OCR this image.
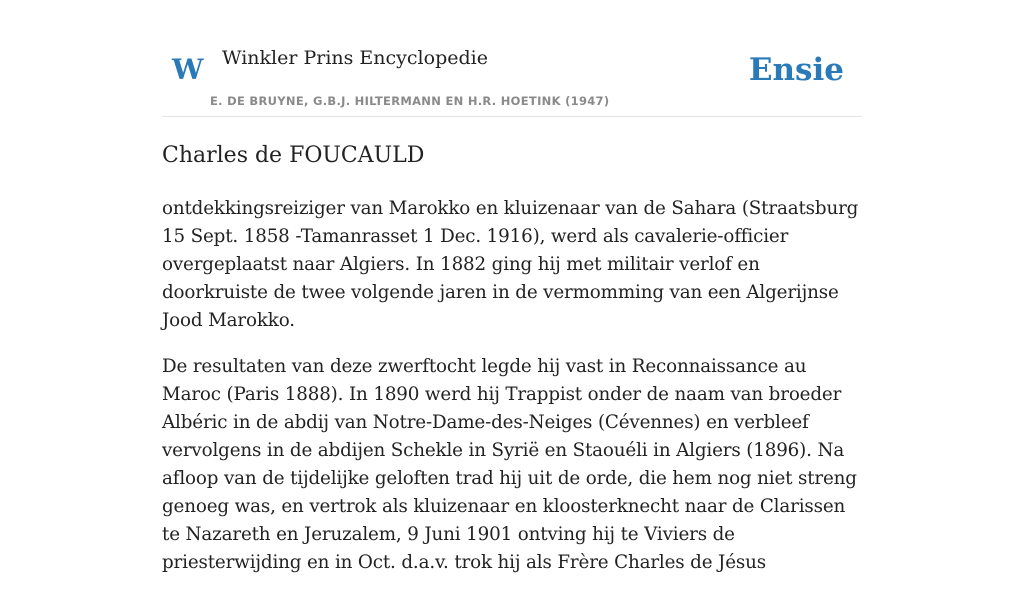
W Winkler Prins Encyclopedie
E. DE BRUYNE, G.B.J. HILTERMANN EN H.R. HOETINK (1947)
Ensie
Charles de FOUCAULD

ontdekkingsreiziger van Marokko en kluizenaar van de Sahara (Straatsburg 15 Sept. 1858 -Tamanrasset 1 Dec. 1916), werd als cavalerie-officier overgeplaatst naar Algiers. In 1882 ging hij met militair verlof en doorkruiste de twee volgende jaren in de vermomming van een Algerijnse Jood Marokko.

De resultaten van deze zwerftocht legde hij vast in Reconnaissance au Maroc (Paris 1888). In 1890 werd hij Trappist onder de naam van broeder Albéric in de abdij van Notre-Dame-des-Neiges (Cévennes) en verbleef vervolgens in de abdijen Schekle in Syrië en Staouéli in Algiers (1896). Na afloop van de tijdelijke geloften trad hij uit de orde, die hem nog niet streng genoeg was, en vertrok als kluizenaar en kloosterknecht naar de Clarissen te Nazareth en Jeruzalem, 9 Juni 1901 ontving hij te Viviers de priesterwijding en in Oct. d.a.v. trok hij als Frère Charles de Jésus
